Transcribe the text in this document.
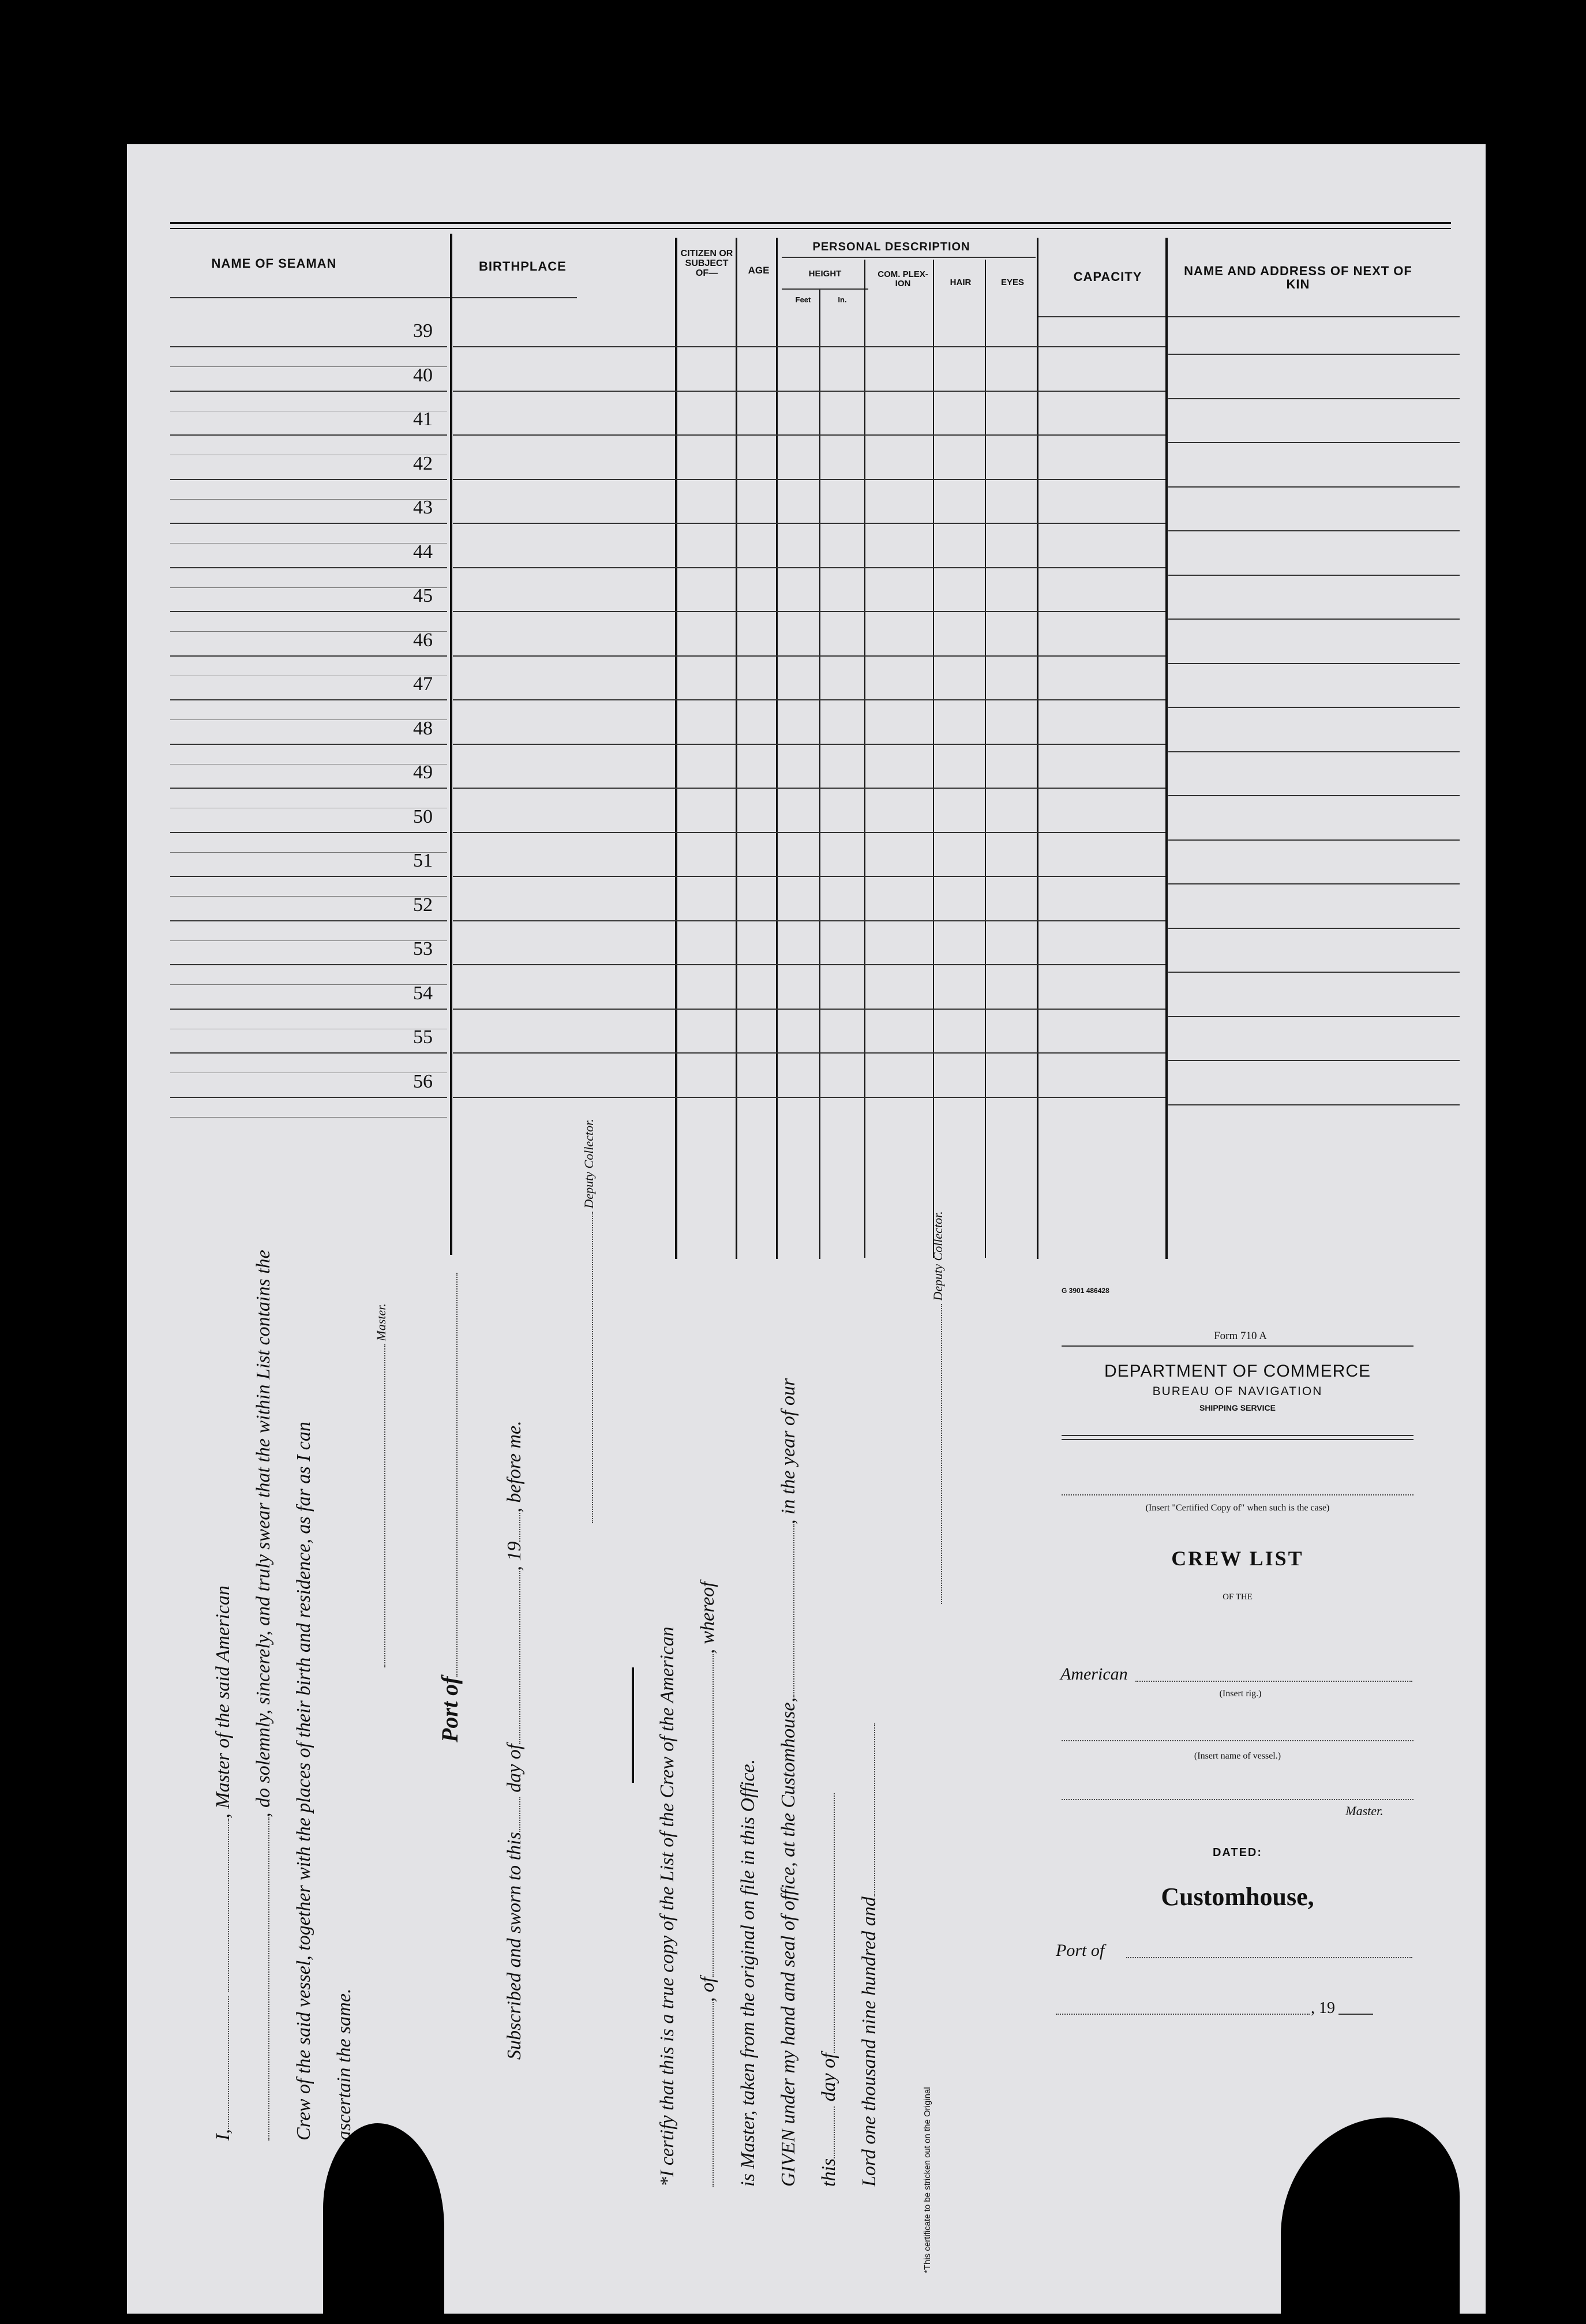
NAME OF SEAMAN	BIRTHPLACE
CITIZEN OR SUBJECT OF—	AGE
PERSONAL DESCRIPTION
HEIGHT
Feet	In.
COM. PLEX- ION	HAIR	EYES	CAPACITY	NAME AND ADDRESS OF NEXT OF KIN
39
40
41
42
43
44
45
46
47
48
49
50
51
52
53
54
55
56
I, , Master of the said American , do solemnly, sincerely, and truly swear that the within List contains the Crew of the said vessel, together with the places of their birth and residence, as far as I can ascertain the same.
Master.
Port of
Subscribed and sworn to this day of, 19, before me.
Deputy Collector.
*I certify that this is a true copy of the List of the Crew of the American , of, whereof
is Master, taken from the original on file in this Office. GIVEN under my hand and seal of office, at the Customhouse,, in the year of our
this day of Lord one thousand nine hundred and
Deputy Collector.
*This certificate to be stricken out on the Original
G 3901 486428
Form 710 A
DEPARTMENT OF COMMERCE
BUREAU OF NAVIGATION
SHIPPING SERVICE
(Insert "Certified Copy of" when such is the case)
CREW LIST
OF THE
American
(Insert rig.)
(Insert name of vessel.)
Master.
DATED:
Customhouse,
Port of
, 19
